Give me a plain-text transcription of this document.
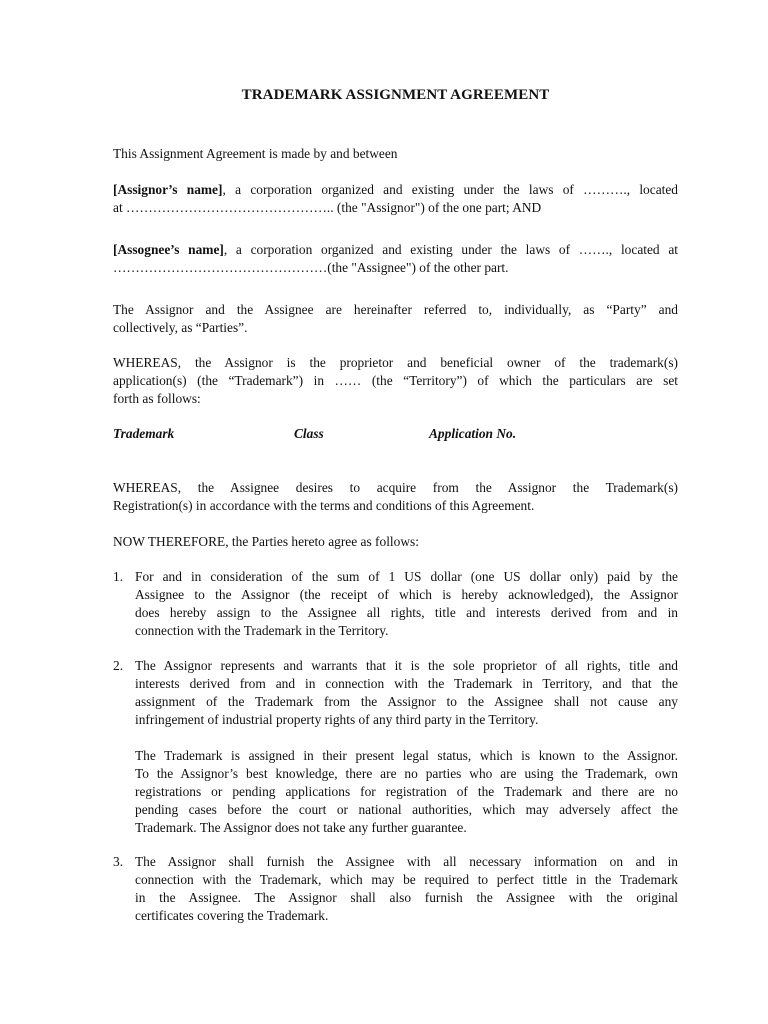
TRADEMARK ASSIGNMENT AGREEMENT

This Assignment Agreement is made by and between

[Assignor’s name], a corporation organized and existing under the laws of ………., located
at ……………………………………….. (the "Assignor") of the one part; AND

[Assognee’s name], a corporation organized and existing under the laws of ……., located at
…………………………………………(the "Assignee") of the other part.

The Assignor and the Assignee are hereinafter referred to, individually, as “Party” and
collectively, as “Parties”.

WHEREAS, the Assignor is the proprietor and beneficial owner of the trademark(s)
application(s) (the “Trademark”) in …… (the “Territory”) of which the particulars are set
forth as follows:

Trademark	Class	Application No.

WHEREAS, the Assignee desires to acquire from the Assignor the Trademark(s)
Registration(s) in accordance with the terms and conditions of this Agreement.

NOW THEREFORE, the Parties hereto agree as follows:

1. For and in consideration of the sum of 1 US dollar (one US dollar only) paid by the
Assignee to the Assignor (the receipt of which is hereby acknowledged), the Assignor
does hereby assign to the Assignee all rights, title and interests derived from and in
connection with the Trademark in the Territory.
2. The Assignor represents and warrants that it is the sole proprietor of all rights, title and
interests derived from and in connection with the Trademark in Territory, and that the
assignment of the Trademark from the Assignor to the Assignee shall not cause any
infringement of industrial property rights of any third party in the Territory.
The Trademark is assigned in their present legal status, which is known to the Assignor.
To the Assignor’s best knowledge, there are no parties who are using the Trademark, own
registrations or pending applications for registration of the Trademark and there are no
pending cases before the court or national authorities, which may adversely affect the
Trademark. The Assignor does not take any further guarantee.
3. The Assignor shall furnish the Assignee with all necessary information on and in
connection with the Trademark, which may be required to perfect tittle in the Trademark
in the Assignee. The Assignor shall also furnish the Assignee with the original
certificates covering the Trademark.
